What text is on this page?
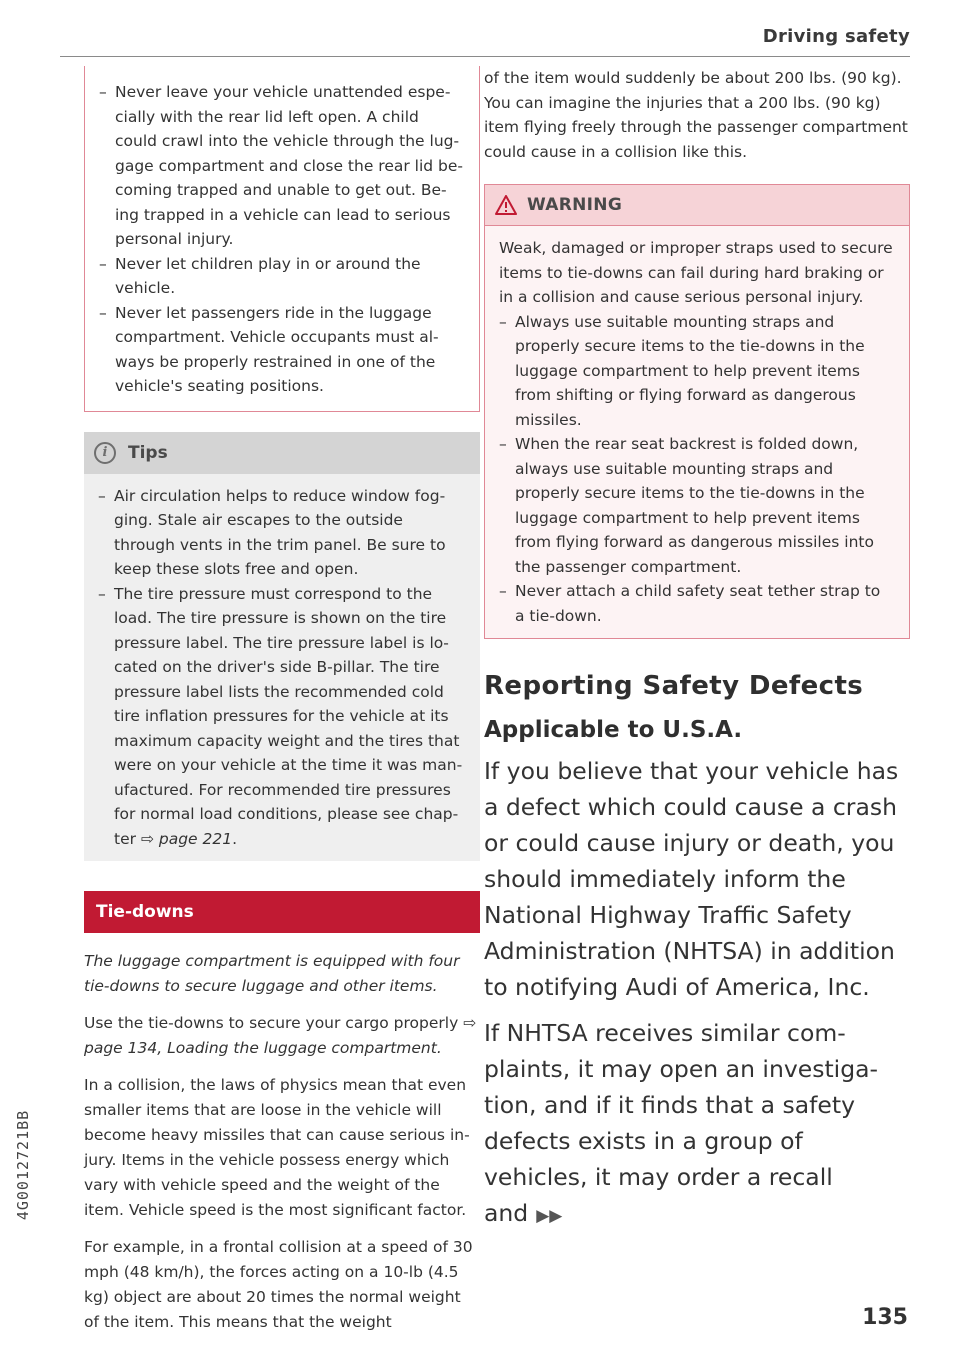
Driving safety
4G0012721BB
– Never leave your vehicle unattended especially with the rear lid left open. A child could crawl into the vehicle through the luggage compartment and close the rear lid becoming trapped and unable to get out. Being trapped in a vehicle can lead to serious personal injury.
– Never let children play in or around the vehicle.
– Never let passengers ride in the luggage compartment. Vehicle occupants must always be properly restrained in one of the vehicle's seating positions.
i	Tips
– Air circulation helps to reduce window fogging. Stale air escapes to the outside through vents in the trim panel. Be sure to keep these slots free and open.
– The tire pressure must correspond to the load. The tire pressure is shown on the tire pressure label. The tire pressure label is located on the driver's side B-pillar. The tire pressure label lists the recommended cold tire inflation pressures for the vehicle at its maximum capacity weight and the tires that were on your vehicle at the time it was manufactured. For recommended tire pressures for normal load conditions, please see chapter ⇨ page 221.
Tie-downs

The luggage compartment is equipped with four tie-downs to secure luggage and other items.

Use the tie-downs to secure your cargo properly ⇨ page 134, Loading the luggage compartment.

In a collision, the laws of physics mean that even smaller items that are loose in the vehicle will become heavy missiles that can cause serious injury. Items in the vehicle possess energy which vary with vehicle speed and the weight of the item. Vehicle speed is the most significant factor.

For example, in a frontal collision at a speed of 30 mph (48 km/h), the forces acting on a 10-lb (4.5 kg) object are about 20 times the normal weight of the item. This means that the weight

of the item would suddenly be about 200 lbs. (90 kg). You can imagine the injuries that a 200 lbs. (90 kg) item flying freely through the passenger compartment could cause in a collision like this.

WARNING

Weak, damaged or improper straps used to secure items to tie-downs can fail during hard braking or in a collision and cause serious personal injury.

– Always use suitable mounting straps and properly secure items to the tie-downs in the luggage compartment to help prevent items from shifting or flying forward as dangerous missiles.
– When the rear seat backrest is folded down, always use suitable mounting straps and properly secure items to the tie-downs in the luggage compartment to help prevent items from flying forward as dangerous missiles into the passenger compartment.
– Never attach a child safety seat tether strap to a tie-down.
Reporting Safety Defects
Applicable to U.S.A.

If you believe that your vehicle has a defect which could cause a crash or could cause injury or death, you should immediately inform the National Highway Traffic Safety Administration (NHTSA) in addition to notifying Audi of America, Inc.

If NHTSA receives similar complaints, it may open an investigation, and if it finds that a safety defects exists in a group of vehicles, it may order a recall and ▶▶

135
